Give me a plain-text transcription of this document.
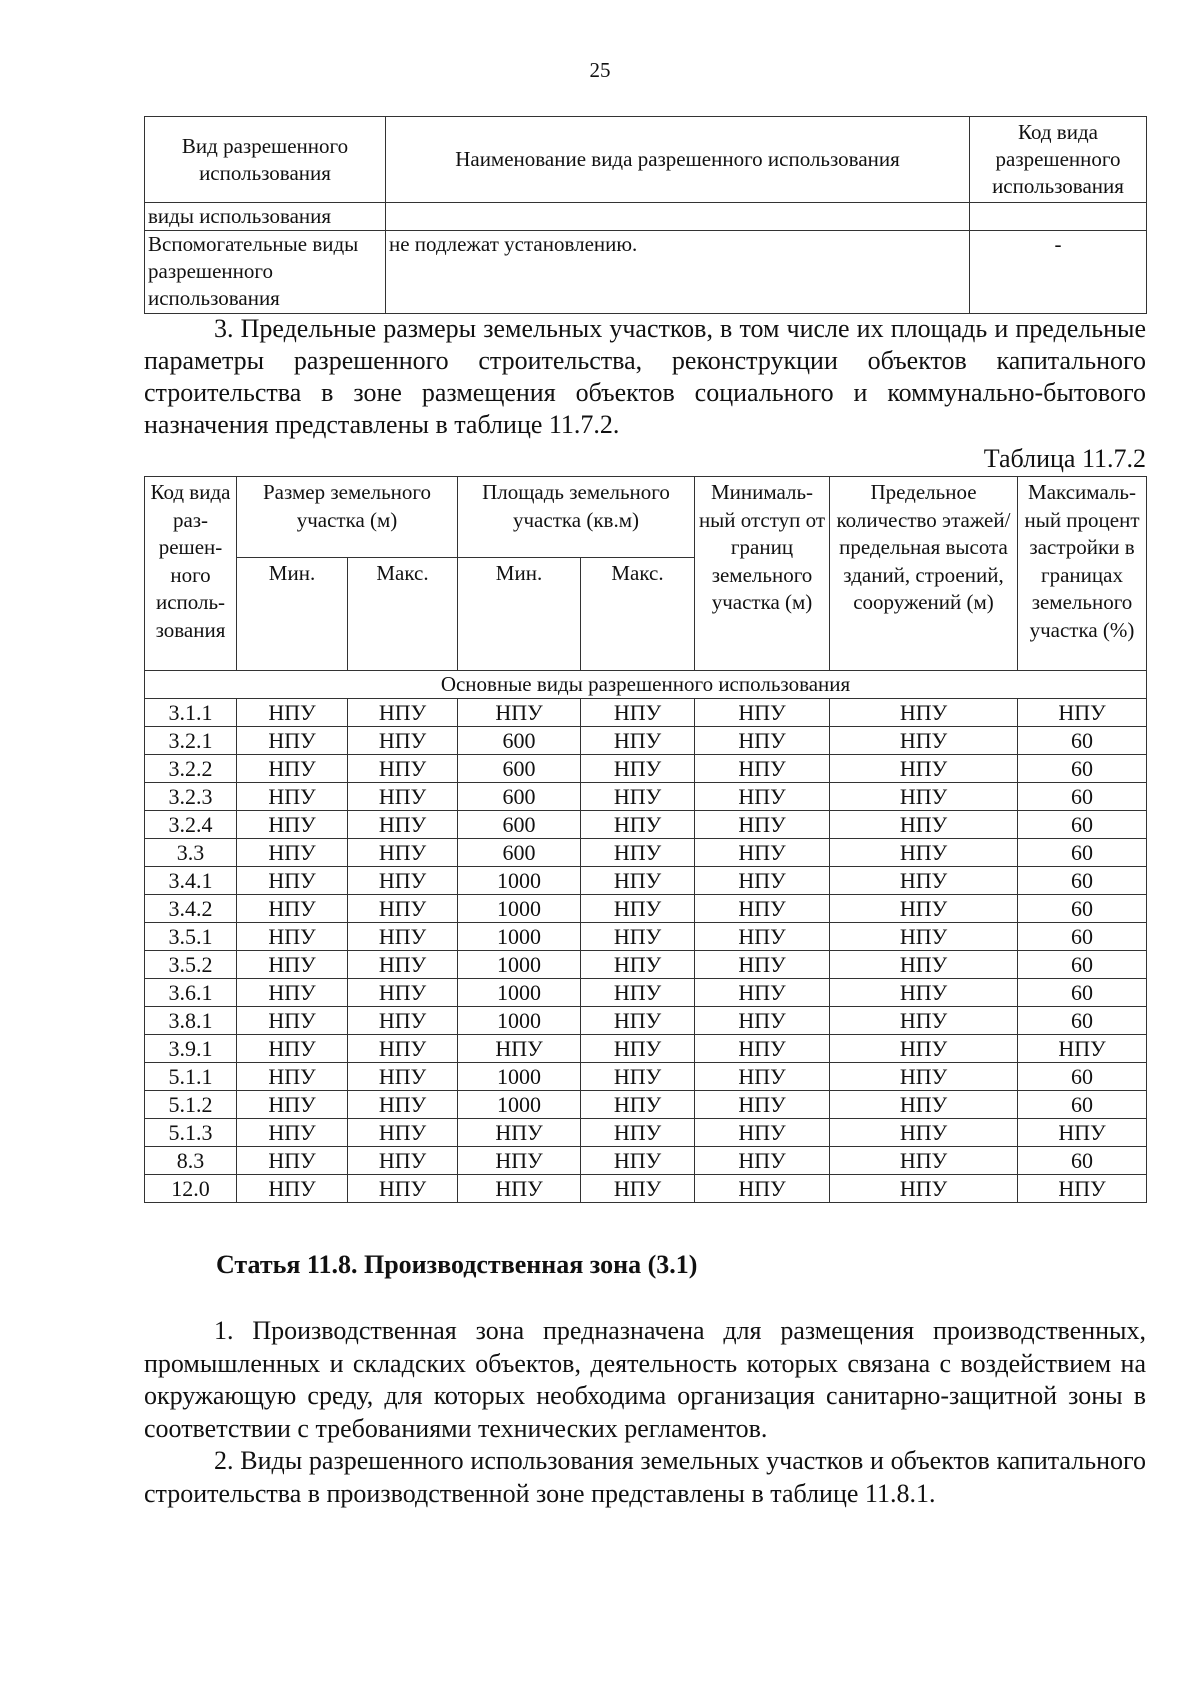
25
Вид разрешенного использования	Наименование вида разрешенного использования	Код вида разрешенного использования
виды использования		
Вспомогательные виды разрешенного использования	не подлежат установлению.	-

3. Предельные размеры земельных участков, в том числе их площадь и предельные параметры разрешенного строительства, реконструкции объектов капитального строительства в зоне размещения объектов социального и коммунально-бытового назначения представлены в таблице 11.7.2.

Таблица 11.7.2
Код вида раз-решен-ного исполь-зования	Размер земельного участка (м)		Площадь земельного участка (кв.м)		Минималь-ный отступ от границ земельного участка (м)	Предельное количество этажей/ предельная высота зданий, строений, сооружений (м)	Максималь-ный процент застройки в границах земельного участка (%)
	Мин.	Макс.	Мин.	Макс.			
Основные виды разрешенного использования							
3.1.1	НПУ	НПУ	НПУ	НПУ	НПУ	НПУ	НПУ
3.2.1	НПУ	НПУ	600	НПУ	НПУ	НПУ	60
3.2.2	НПУ	НПУ	600	НПУ	НПУ	НПУ	60
3.2.3	НПУ	НПУ	600	НПУ	НПУ	НПУ	60
3.2.4	НПУ	НПУ	600	НПУ	НПУ	НПУ	60
3.3	НПУ	НПУ	600	НПУ	НПУ	НПУ	60
3.4.1	НПУ	НПУ	1000	НПУ	НПУ	НПУ	60
3.4.2	НПУ	НПУ	1000	НПУ	НПУ	НПУ	60
3.5.1	НПУ	НПУ	1000	НПУ	НПУ	НПУ	60
3.5.2	НПУ	НПУ	1000	НПУ	НПУ	НПУ	60
3.6.1	НПУ	НПУ	1000	НПУ	НПУ	НПУ	60
3.8.1	НПУ	НПУ	1000	НПУ	НПУ	НПУ	60
3.9.1	НПУ	НПУ	НПУ	НПУ	НПУ	НПУ	НПУ
5.1.1	НПУ	НПУ	1000	НПУ	НПУ	НПУ	60
5.1.2	НПУ	НПУ	1000	НПУ	НПУ	НПУ	60
5.1.3	НПУ	НПУ	НПУ	НПУ	НПУ	НПУ	НПУ
8.3	НПУ	НПУ	НПУ	НПУ	НПУ	НПУ	60
12.0	НПУ	НПУ	НПУ	НПУ	НПУ	НПУ	НПУ
Статья 11.8. Производственная зона (3.1)

1. Производственная зона предназначена для размещения производственных, промышленных и складских объектов, деятельность которых связана с воздействием на окружающую среду, для которых необходима организация санитарно-защитной зоны в соответствии с требованиями технических регламентов.

2. Виды разрешенного использования земельных участков и объектов капитального строительства в производственной зоне представлены в таблице 11.8.1.
